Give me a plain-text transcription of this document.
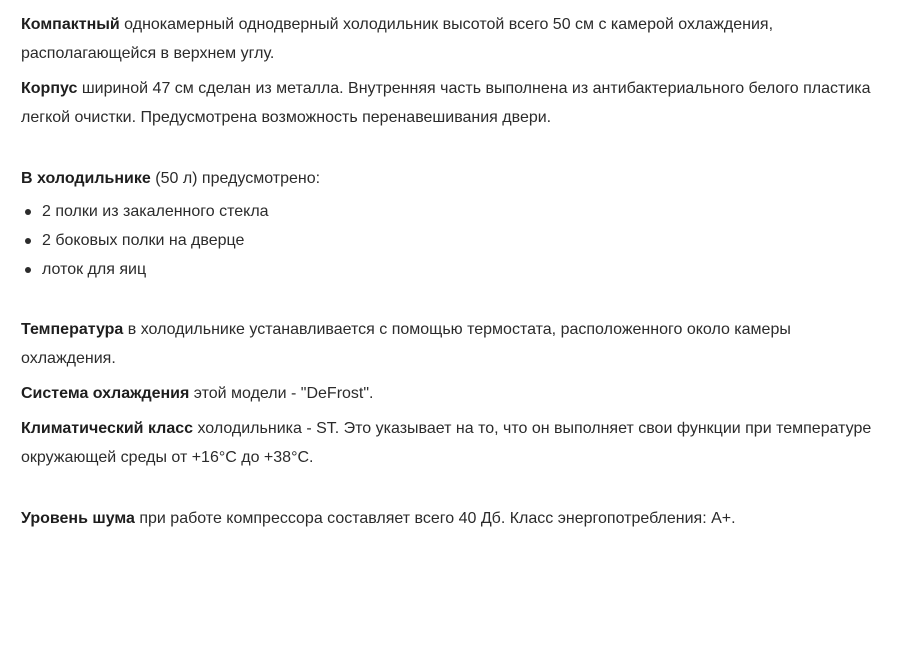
Компактный однокамерный однодверный холодильник высотой всего 50 см с камерой охлаждения, располагающейся в верхнем углу.

Корпус шириной 47 см сделан из металла. Внутренняя часть выполнена из антибактериального белого пластика легкой очистки. Предусмотрена возможность перенавешивания двери.

В холодильнике (50 л) предусмотрено:

2 полки из закаленного стекла
2 боковых полки на дверце
лоток для яиц

Температура в холодильнике устанавливается с помощью термостата, расположенного около камеры охлаждения.

Система охлаждения этой модели - "DeFrost".

Климатический класс холодильника - ST. Это указывает на то, что он выполняет свои функции при температуре окружающей среды от +16°С до +38°С.

Уровень шума при работе компрессора составляет всего 40 Дб. Класс энергопотребления: А+.
